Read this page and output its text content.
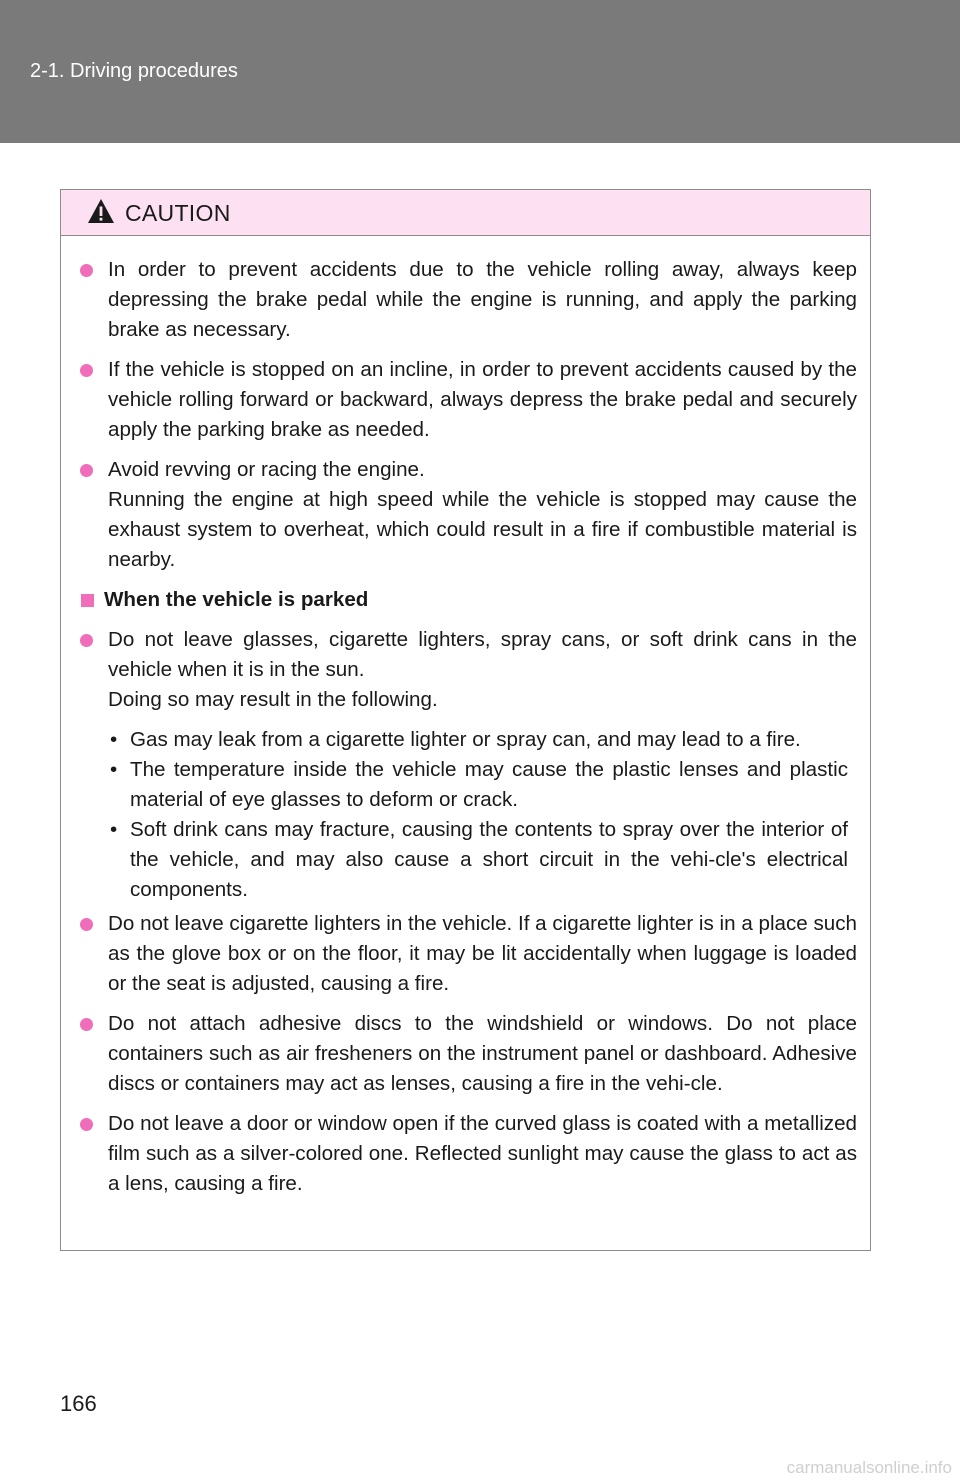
2-1. Driving procedures
CAUTION

In order to prevent accidents due to the vehicle rolling away, always keep depressing the brake pedal while the engine is running, and apply the parking brake as necessary.

If the vehicle is stopped on an incline, in order to prevent accidents caused by the vehicle rolling forward or backward, always depress the brake pedal and securely apply the parking brake as needed.

Avoid revving or racing the engine.

Running the engine at high speed while the vehicle is stopped may cause the exhaust system to overheat, which could result in a fire if combustible material is nearby.

When the vehicle is parked

Do not leave glasses, cigarette lighters, spray cans, or soft drink cans in the vehicle when it is in the sun.

Doing so may result in the following.

• Gas may leak from a cigarette lighter or spray can, and may lead to a fire.

• The temperature inside the vehicle may cause the plastic lenses and plastic material of eye glasses to deform or crack.

• Soft drink cans may fracture, causing the contents to spray over the interior of the vehicle, and may also cause a short circuit in the vehi-cle's electrical components.

Do not leave cigarette lighters in the vehicle. If a cigarette lighter is in a place such as the glove box or on the floor, it may be lit accidentally when luggage is loaded or the seat is adjusted, causing a fire.

Do not attach adhesive discs to the windshield or windows. Do not place containers such as air fresheners on the instrument panel or dashboard. Adhesive discs or containers may act as lenses, causing a fire in the vehi-cle.

Do not leave a door or window open if the curved glass is coated with a metallized film such as a silver-colored one. Reflected sunlight may cause the glass to act as a lens, causing a fire.

166
carmanualsonline.info
